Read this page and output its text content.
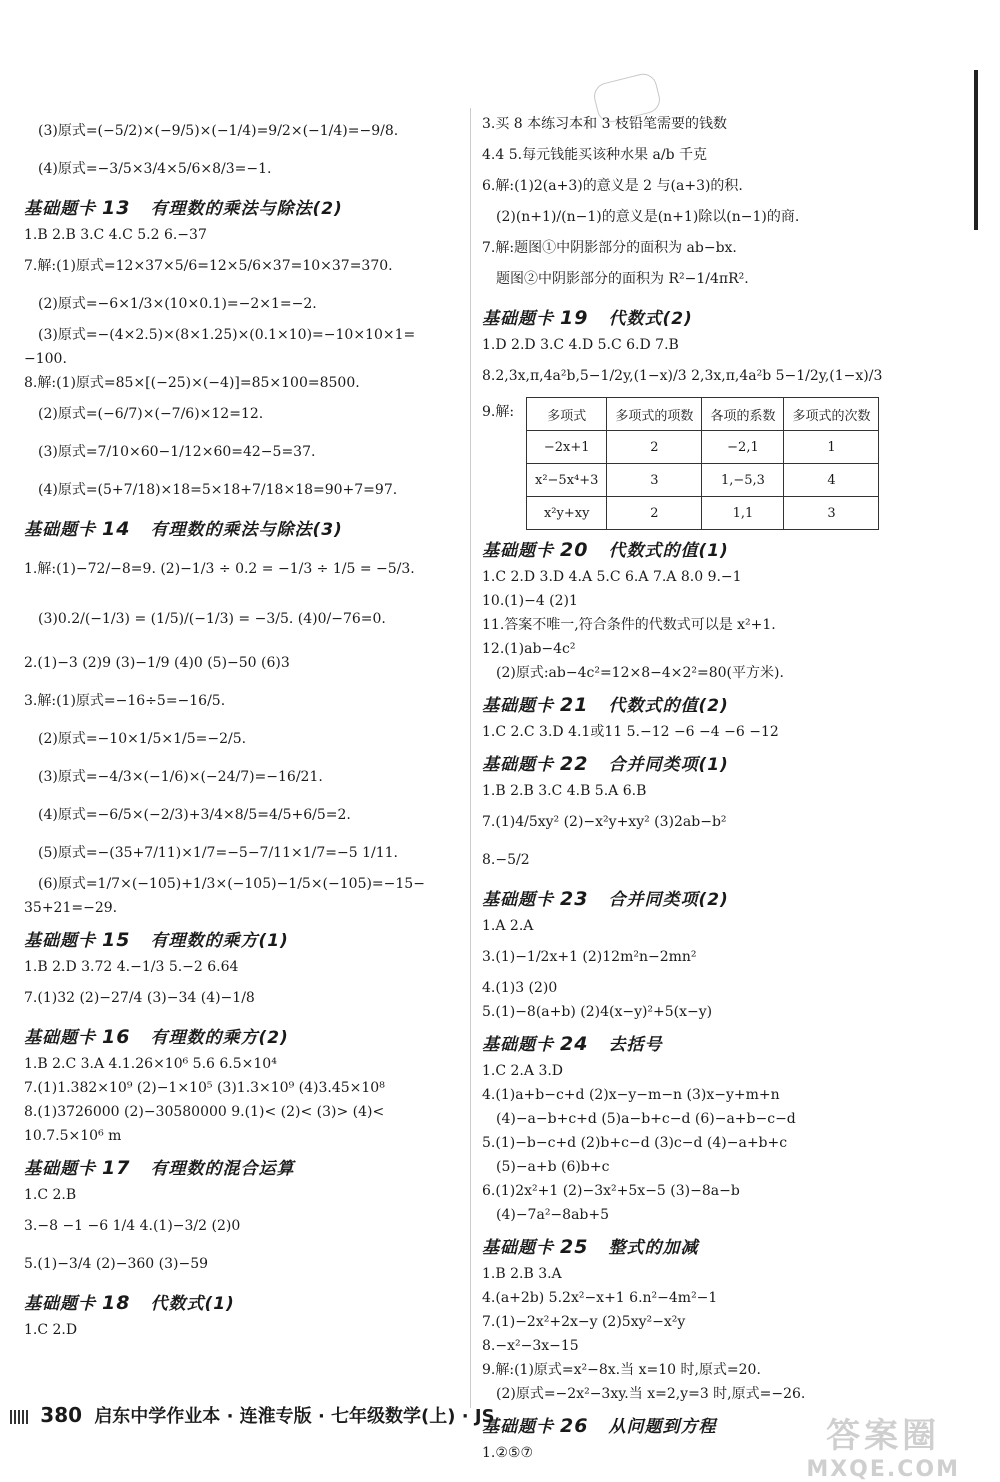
(3)原式=(−5/2)×(−9/5)×(−1/4)=9/2×(−1/4)=−9/8.

(4)原式=−3/5×3/4×5/6×8/3=−1.

基础题卡 13 有理数的乘法与除法(2)

1.B 2.B 3.C 4.C 5.2 6.−37

7.解:(1)原式=12×37×5/6=12×5/6×37=10×37=370.

(2)原式=−6×1/3×(10×0.1)=−2×1=−2.

(3)原式=−(4×2.5)×(8×1.25)×(0.1×10)=−10×10×1=

−100.

8.解:(1)原式=85×[(−25)×(−4)]=85×100=8500.

(2)原式=(−6/7)×(−7/6)×12=12.

(3)原式=7/10×60−1/12×60=42−5=37.

(4)原式=(5+7/18)×18=5×18+7/18×18=90+7=97.

基础题卡 14 有理数的乘法与除法(3)

1.解:(1)−72/−8=9. (2)−1/3 ÷ 0.2 = −1/3 ÷ 1/5 = −5/3.

(3)0.2/(−1/3) = (1/5)/(−1/3) = −3/5. (4)0/−76=0.

2.(1)−3 (2)9 (3)−1/9 (4)0 (5)−50 (6)3

3.解:(1)原式=−16÷5=−16/5.

(2)原式=−10×1/5×1/5=−2/5.

(3)原式=−4/3×(−1/6)×(−24/7)=−16/21.

(4)原式=−6/5×(−2/3)+3/4×8/5=4/5+6/5=2.

(5)原式=−(35+7/11)×1/7=−5−7/11×1/7=−5 1/11.

(6)原式=1/7×(−105)+1/3×(−105)−1/5×(−105)=−15−

35+21=−29.

基础题卡 15 有理数的乘方(1)

1.B 2.D 3.72 4.−1/3 5.−2 6.64

7.(1)32 (2)−27/4 (3)−34 (4)−1/8

基础题卡 16 有理数的乘方(2)

1.B 2.C 3.A 4.1.26×10⁶ 5.6 6.5×10⁴

7.(1)1.382×10⁹ (2)−1×10⁵ (3)1.3×10⁹ (4)3.45×10⁸

8.(1)3726000 (2)−30580000 9.(1)< (2)< (3)> (4)<

10.7.5×10⁶ m

基础题卡 17 有理数的混合运算

1.C 2.B

3.−8 −1 −6 1/4 4.(1)−3/2 (2)0

5.(1)−3/4 (2)−360 (3)−59

基础题卡 18 代数式(1)

1.C 2.D

3.买 8 本练习本和 3 枝铅笔需要的钱数

4.4 5.每元钱能买该种水果 a/b 千克

6.解:(1)2(a+3)的意义是 2 与(a+3)的积.

(2)(n+1)/(n−1)的意义是(n+1)除以(n−1)的商.

7.解:题图①中阴影部分的面积为 ab−bx.

题图②中阴影部分的面积为 R²−1/4πR².

基础题卡 19 代数式(2)

1.D 2.D 3.C 4.D 5.C 6.D 7.B

8.2,3x,π,4a²b,5−1/2y,(1−x)/3 2,3x,π,4a²b 5−1/2y,(1−x)/3

9.解:	多项式	多项式的项数	各项的系数	多项式的次数
−2x+1	2	−2,1	1
x²−5x⁴+3	3	1,−5,3	4
x²y+xy	2	1,1	3
基础题卡 20 代数式的值(1)

1.C 2.D 3.D 4.A 5.C 6.A 7.A 8.0 9.−1

10.(1)−4 (2)1

11.答案不唯一,符合条件的代数式可以是 x²+1.

12.(1)ab−4c²

(2)原式:ab−4c²=12×8−4×2²=80(平方米).

基础题卡 21 代数式的值(2)

1.C 2.C 3.D 4.1或11 5.−12 −6 −4 −6 −12

基础题卡 22 合并同类项(1)

1.B 2.B 3.C 4.B 5.A 6.B

7.(1)4/5xy² (2)−x²y+xy² (3)2ab−b²

8.−5/2

基础题卡 23 合并同类项(2)

1.A 2.A

3.(1)−1/2x+1 (2)12m²n−2mn²

4.(1)3 (2)0

5.(1)−8(a+b) (2)4(x−y)²+5(x−y)

基础题卡 24 去括号

1.C 2.A 3.D

4.(1)a+b−c+d (2)x−y−m−n (3)x−y+m+n

(4)−a−b+c+d (5)a−b+c−d (6)−a+b−c−d

5.(1)−b−c+d (2)b+c−d (3)c−d (4)−a+b+c

(5)−a+b (6)b+c

6.(1)2x²+1 (2)−3x²+5x−5 (3)−8a−b

(4)−7a²−8ab+5

基础题卡 25 整式的加减

1.B 2.B 3.A

4.(a+2b) 5.2x²−x+1 6.n²−4m²−1

7.(1)−2x²+2x−y (2)5xy²−x²y

8.−x²−3x−15

9.解:(1)原式=x²−8x.当 x=10 时,原式=20.

(2)原式=−2x²−3xy.当 x=2,y=3 时,原式=−26.

基础题卡 26 从问题到方程

1.②⑤⑦

380 启东中学作业本 · 连淮专版 · 七年级数学(上) · JS	答案圈
MXQE.COM
